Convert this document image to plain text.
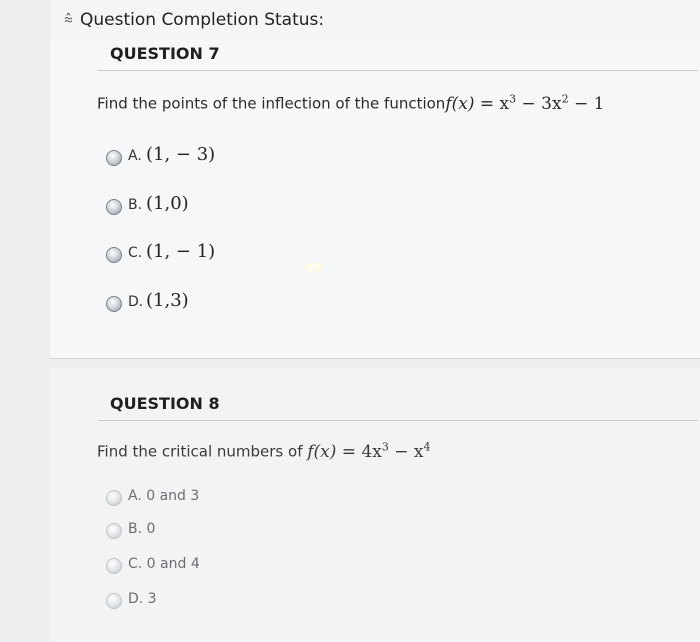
⩯ Question Completion Status:
QUESTION 7
Find the points of the inflection of the functionf(x) = $x^3 - 3x^2 - 1$
A. (1, − 3)
B. (1,0)
C. (1, − 1)
D. (1,3)
QUESTION 8
Find the critical numbers of $f(x) = 4x^3 - x^4$
A. 0 and 3
B. 0
C. 0 and 4
D. 3
